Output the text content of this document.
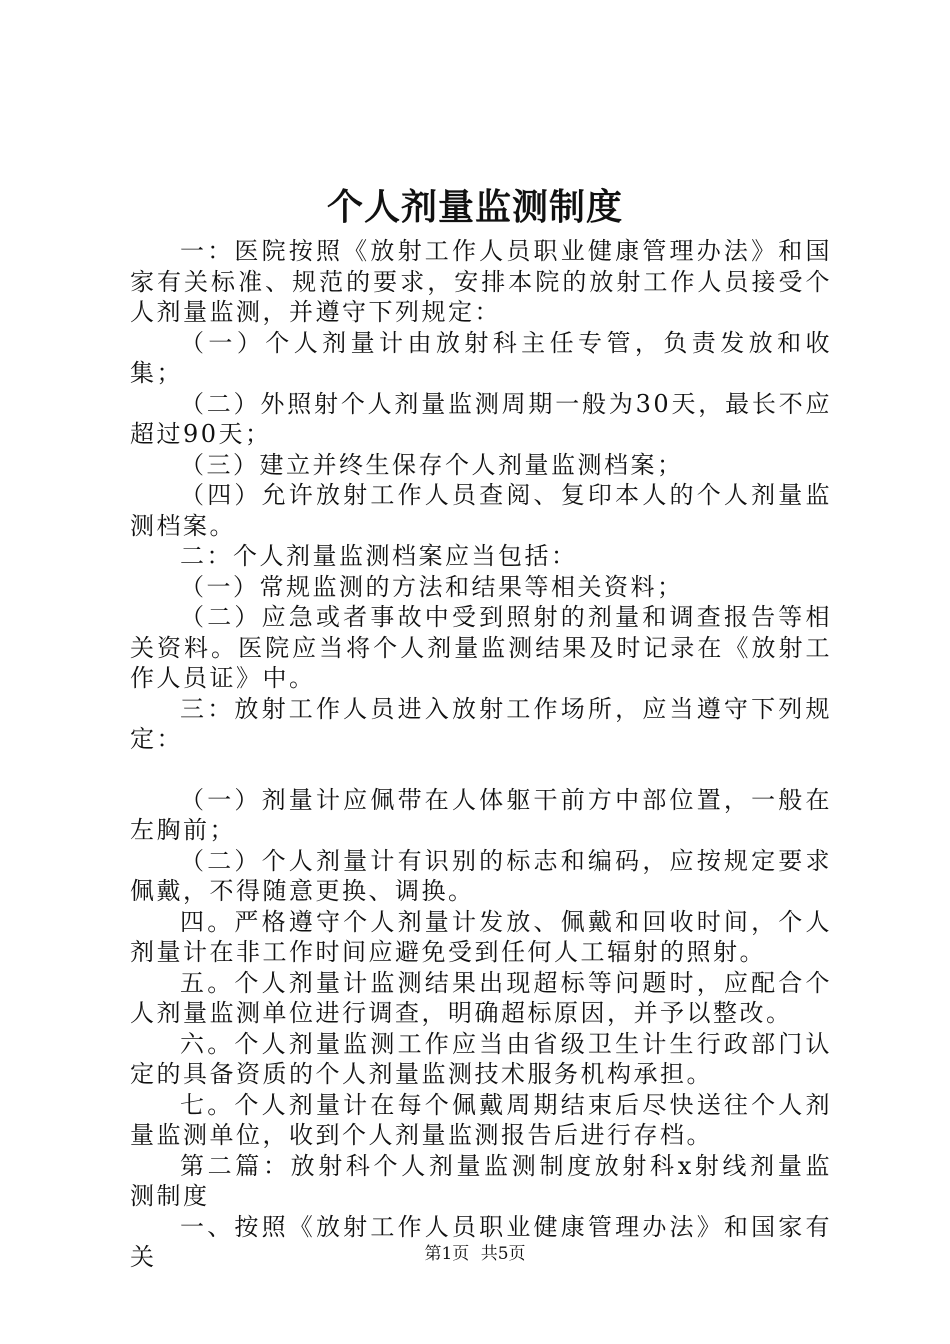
个人剂量监测制度

一：医院按照《放射工作人员职业健康管理办法》和国家有关标准、规范的要求，安排本院的放射工作人员接受个人剂量监测，并遵守下列规定：

（一）个人剂量计由放射科主任专管，负责发放和收集；

（二）外照射个人剂量监测周期一般为30天，最长不应超过90天；

（三）建立并终生保存个人剂量监测档案；

（四）允许放射工作人员查阅、复印本人的个人剂量监测档案。

二：个人剂量监测档案应当包括：

（一）常规监测的方法和结果等相关资料；

（二）应急或者事故中受到照射的剂量和调查报告等相关资料。医院应当将个人剂量监测结果及时记录在《放射工作人员证》中。

三：放射工作人员进入放射工作场所，应当遵守下列规定：

（一）剂量计应佩带在人体躯干前方中部位置，一般在左胸前；

（二）个人剂量计有识别的标志和编码，应按规定要求佩戴，不得随意更换、调换。

四。严格遵守个人剂量计发放、佩戴和回收时间，个人剂量计在非工作时间应避免受到任何人工辐射的照射。

五。个人剂量计监测结果出现超标等问题时，应配合个人剂量监测单位进行调查，明确超标原因，并予以整改。

六。个人剂量监测工作应当由省级卫生计生行政部门认定的具备资质的个人剂量监测技术服务机构承担。

七。个人剂量计在每个佩戴周期结束后尽快送往个人剂量监测单位，收到个人剂量监测报告后进行存档。

第二篇：放射科个人剂量监测制度放射科x射线剂量监测制度

一、按照《放射工作人员职业健康管理办法》和国家有关	第1页 共5页
